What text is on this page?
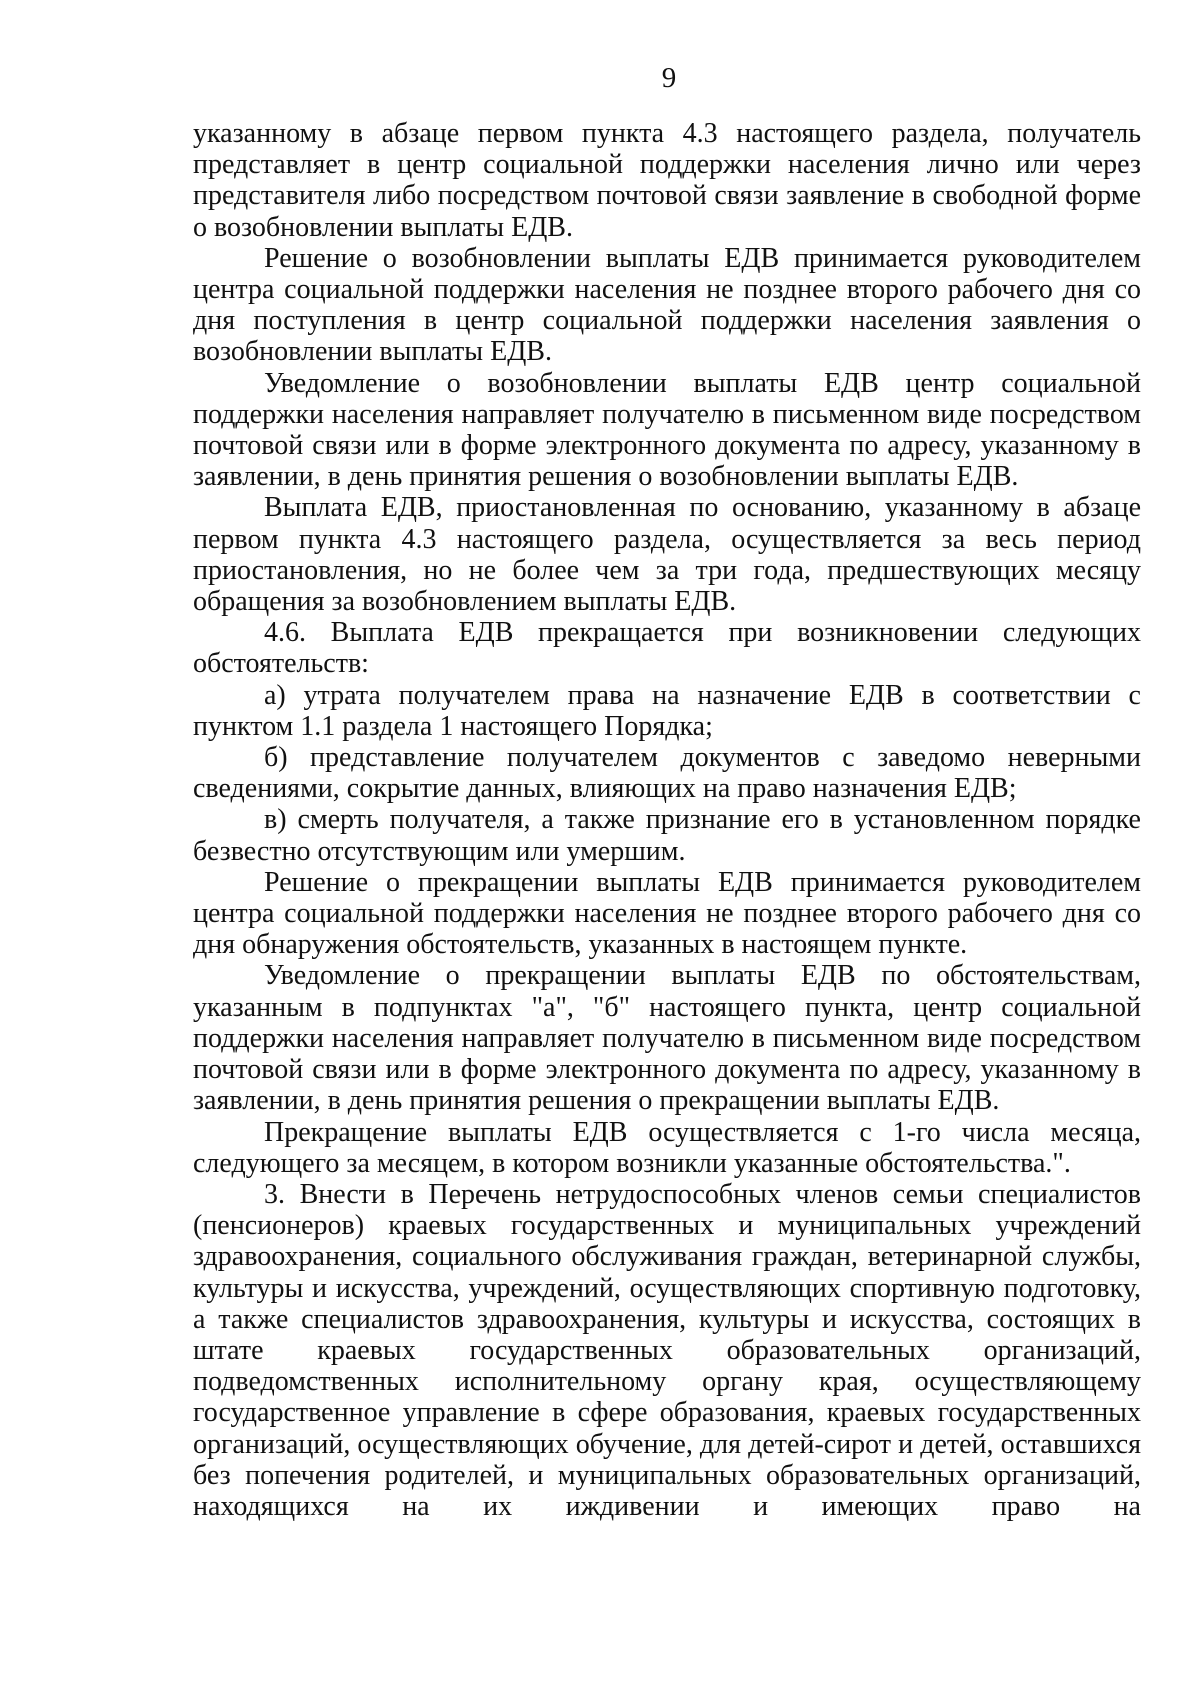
9

указанному в абзаце первом пункта 4.3 настоящего раздела, получатель представляет в центр социальной поддержки населения лично или через представителя либо посредством почтовой связи заявление в свободной форме о возобновлении выплаты ЕДВ.

Решение о возобновлении выплаты ЕДВ принимается руководителем центра социальной поддержки населения не позднее второго рабочего дня со дня поступления в центр социальной поддержки населения заявления о возобновлении выплаты ЕДВ.

Уведомление о возобновлении выплаты ЕДВ центр социальной поддержки населения направляет получателю в письменном виде посредством почтовой связи или в форме электронного документа по адресу, указанному в заявлении, в день принятия решения о возобновлении выплаты ЕДВ.

Выплата ЕДВ, приостановленная по основанию, указанному в абзаце первом пункта 4.3 настоящего раздела, осуществляется за весь период приостановления, но не более чем за три года, предшествующих месяцу обращения за возобновлением выплаты ЕДВ.

4.6. Выплата ЕДВ прекращается при возникновении следующих обстоятельств:

а) утрата получателем права на назначение ЕДВ в соответствии с пунктом 1.1 раздела 1 настоящего Порядка;

б) представление получателем документов с заведомо неверными сведениями, сокрытие данных, влияющих на право назначения ЕДВ;

в) смерть получателя, а также признание его в установленном порядке безвестно отсутствующим или умершим.

Решение о прекращении выплаты ЕДВ принимается руководителем центра социальной поддержки населения не позднее второго рабочего дня со дня обнаружения обстоятельств, указанных в настоящем пункте.

Уведомление о прекращении выплаты ЕДВ по обстоятельствам, указанным в подпунктах "а", "б" настоящего пункта, центр социальной поддержки населения направляет получателю в письменном виде посредством почтовой связи или в форме электронного документа по адресу, указанному в заявлении, в день принятия решения о прекращении выплаты ЕДВ.

Прекращение выплаты ЕДВ осуществляется с 1-го числа месяца, следующего за месяцем, в котором возникли указанные обстоятельства.".

3. Внести в Перечень нетрудоспособных членов семьи специалистов (пенсионеров) краевых государственных и муниципальных учреждений здравоохранения, социального обслуживания граждан, ветеринарной службы, культуры и искусства, учреждений, осуществляющих спортивную подготовку, а также специалистов здравоохранения, культуры и искусства, состоящих в штате краевых государственных образовательных организаций, подведомственных исполнительному органу края, осуществляющему государственное управление в сфере образования, краевых государственных организаций, осуществляющих обучение, для детей-сирот и детей, оставшихся без попечения родителей, и муниципальных образовательных организаций, находящихся на их иждивении и имеющих право на
